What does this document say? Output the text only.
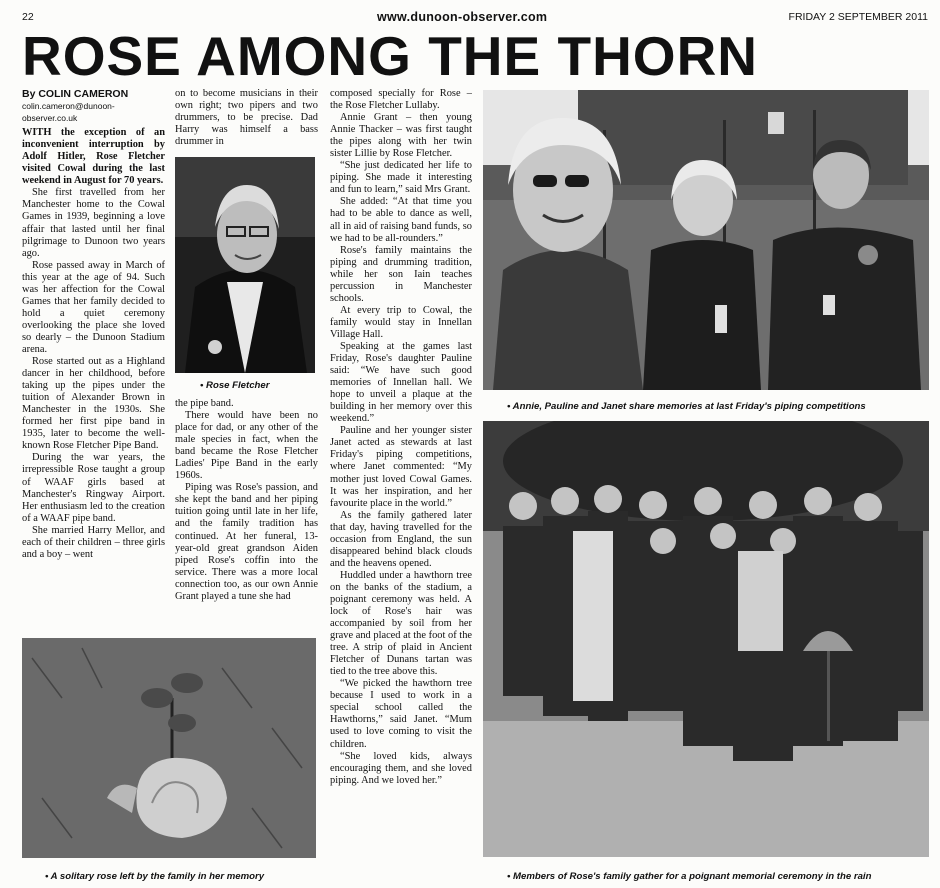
22	www.dunoon-observer.com	FRIDAY 2 SEPTEMBER 2011
ROSE AMONG THE THORN

By COLIN CAMERON

colin.cameron@dunoon-observer.co.uk

WITH the exception of an inconvenient interruption by Adolf Hitler, Rose Fletcher visited Cowal during the last weekend in August for 70 years.

She first travelled from her Manchester home to the Cowal Games in 1939, beginning a love affair that lasted until her final pilgrimage to Dunoon two years ago.

Rose passed away in March of this year at the age of 94. Such was her affection for the Cowal Games that her family decided to hold a quiet ceremony overlooking the place she loved so dearly – the Dunoon Stadium arena.

Rose started out as a Highland dancer in her childhood, before taking up the pipes under the tuition of Alexander Brown in Manchester in the 1930s. She formed her first pipe band in 1935, later to become the well-known Rose Fletcher Pipe Band.

During the war years, the irrepressible Rose taught a group of WAAF girls based at Manchester's Ringway Airport. Her enthusiasm led to the creation of a WAAF pipe band.

She married Harry Mellor, and each of their children – three girls and a boy – went

on to become musicians in their own right; two pipers and two drummers, to be precise. Dad Harry was himself a bass drummer in

• Rose Fletcher

the pipe band.

There would have been no place for dad, or any other of the male species in fact, when the band became the Rose Fletcher Ladies' Pipe Band in the early 1960s.

Piping was Rose's passion, and she kept the band and her piping tuition going until late in her life, and the family tradition has continued. At her funeral, 13-year-old great grandson Aiden piped Rose's coffin into the service. There was a more local connection too, as our own Annie Grant played a tune she had

composed specially for Rose – the Rose Fletcher Lullaby.

Annie Grant – then young Annie Thacker – was first taught the pipes along with her twin sister Lillie by Rose Fletcher.

“She just dedicated her life to piping. She made it interesting and fun to learn,” said Mrs Grant.

She added: “At that time you had to be able to dance as well, all in aid of raising band funds, so we had to be all-rounders.”

Rose's family maintains the piping and drumming tradition, while her son Iain teaches percussion in Manchester schools.

At every trip to Cowal, the family would stay in Innellan Village Hall.

Speaking at the games last Friday, Rose's daughter Pauline said: “We have such good memories of Innellan hall. We hope to unveil a plaque at the building in her memory over this weekend.”

Pauline and her younger sister Janet acted as stewards at last Friday's piping competitions, where Janet commented: “My mother just loved Cowal Games. It was her inspiration, and her favourite place in the world.”

As the family gathered later that day, having travelled for the occasion from England, the sun disappeared behind black clouds and the heavens opened.

Huddled under a hawthorn tree on the banks of the stadium, a poignant ceremony was held. A lock of Rose's hair was accompanied by soil from her grave and placed at the foot of the tree. A strip of plaid in Ancient Fletcher of Dunans tartan was tied to the tree above this.

“We picked the hawthorn tree because I used to work in a special school called the Hawthorns,” said Janet. “Mum used to love coming to visit the children.

“She loved kids, always encouraging them, and she loved piping. And we loved her.”

• Annie, Pauline and Janet share memories at last Friday's piping competitions
• Members of Rose's family gather for a poignant memorial ceremony in the rain
• A solitary rose left by the family in her memory
